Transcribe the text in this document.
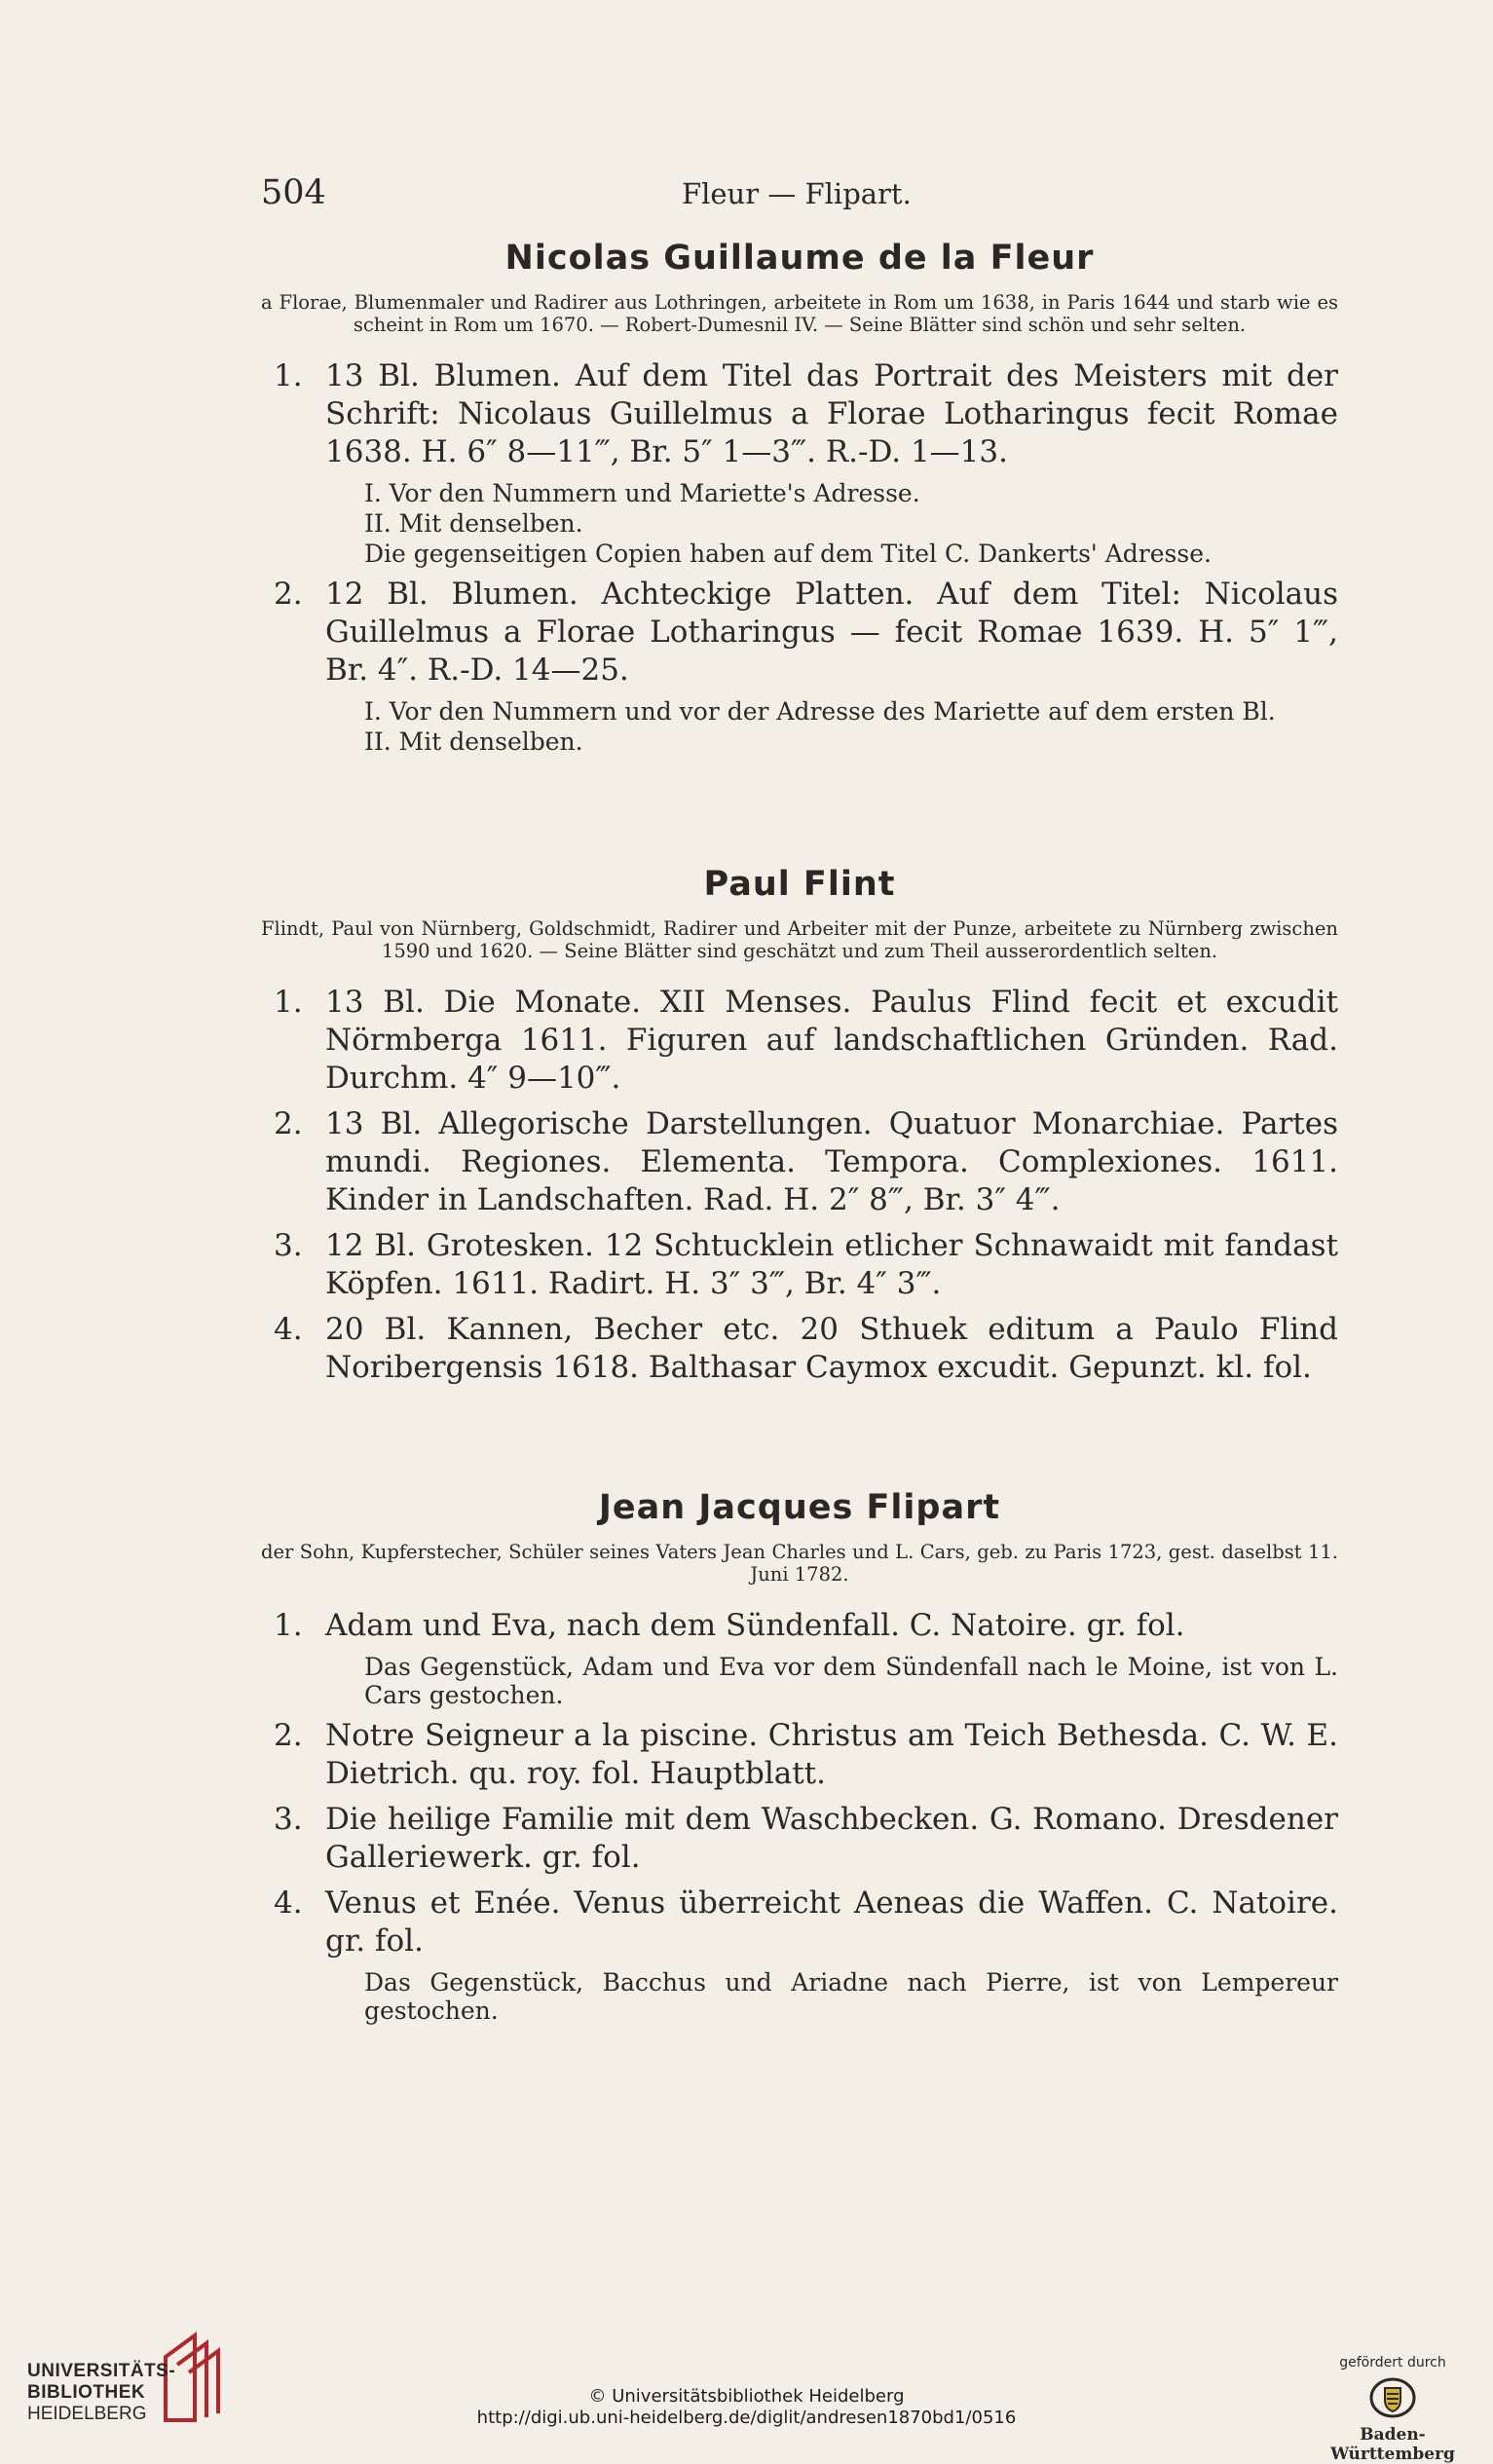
504	Fleur — Flipart.
Nicolas Guillaume de la Fleur
a Florae, Blumenmaler und Radirer aus Lothringen, arbeitete in Rom um 1638, in Paris 1644 und starb wie es scheint in Rom um 1670. — Robert-Dumesnil IV. — Seine Blätter sind schön und sehr selten.
1. 13 Bl. Blumen. Auf dem Titel das Portrait des Meisters mit der Schrift: Nicolaus Guillelmus a Florae Lotharingus fecit Romae 1638. H. 6″ 8—11‴, Br. 5″ 1—3‴. R.-D. 1—13.
I. Vor den Nummern und Mariette's Adresse.
II. Mit denselben.
Die gegenseitigen Copien haben auf dem Titel C. Dankerts' Adresse.
2. 12 Bl. Blumen. Achteckige Platten. Auf dem Titel: Nicolaus Guillelmus a Florae Lotharingus — fecit Romae 1639. H. 5″ 1‴, Br. 4″. R.-D. 14—25.
I. Vor den Nummern und vor der Adresse des Mariette auf dem ersten Bl.
II. Mit denselben.
Paul Flint
Flindt, Paul von Nürnberg, Goldschmidt, Radirer und Arbeiter mit der Punze, arbeitete zu Nürnberg zwischen 1590 und 1620. — Seine Blätter sind geschätzt und zum Theil ausserordentlich selten.
1. 13 Bl. Die Monate. XII Menses. Paulus Flind fecit et excudit Nörmberga 1611. Figuren auf landschaftlichen Gründen. Rad. Durchm. 4″ 9—10‴.
2. 13 Bl. Allegorische Darstellungen. Quatuor Monarchiae. Partes mundi. Regiones. Elementa. Tempora. Complexiones. 1611. Kinder in Landschaften. Rad. H. 2″ 8‴, Br. 3″ 4‴.
3. 12 Bl. Grotesken. 12 Schtucklein etlicher Schnawaidt mit fandast Köpfen. 1611. Radirt. H. 3″ 3‴, Br. 4″ 3‴.
4. 20 Bl. Kannen, Becher etc. 20 Sthuek editum a Paulo Flind Noribergensis 1618. Balthasar Caymox excudit. Gepunzt. kl. fol.
Jean Jacques Flipart
der Sohn, Kupferstecher, Schüler seines Vaters Jean Charles und L. Cars, geb. zu Paris 1723, gest. daselbst 11. Juni 1782.
1. Adam und Eva, nach dem Sündenfall. C. Natoire. gr. fol.
Das Gegenstück, Adam und Eva vor dem Sündenfall nach le Moine, ist von L. Cars gestochen.
2. Notre Seigneur a la piscine. Christus am Teich Bethesda. C. W. E. Dietrich. qu. roy. fol. Hauptblatt.
3. Die heilige Familie mit dem Waschbecken. G. Romano. Dresdener Galleriewerk. gr. fol.
4. Venus et Enée. Venus überreicht Aeneas die Waffen. C. Natoire. gr. fol.
Das Gegenstück, Bacchus und Ariadne nach Pierre, ist von Lempereur gestochen.
UNIVERSITÄTS-
BIBLIOTHEK
HEIDELBERG
© Universitätsbibliothek Heidelberg
http://digi.ub.uni-heidelberg.de/diglit/andresen1870bd1/0516
gefördert durch
Baden-Württemberg
